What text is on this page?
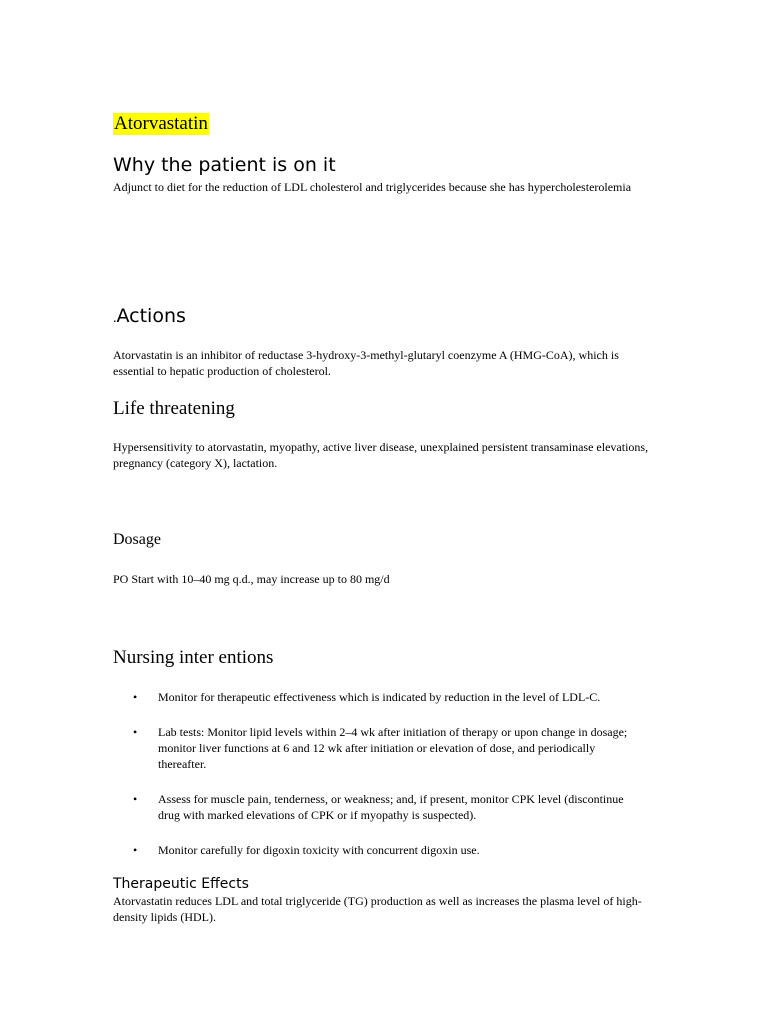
Atorvastatin
Why the patient is on it

Adjunct to diet for the reduction of LDL cholesterol and triglycerides because she has hypercholesterolemia

.Actions

Atorvastatin is an inhibitor of reductase 3-hydroxy-3-methyl-glutaryl coenzyme A (HMG-CoA), which is essential to hepatic production of cholesterol.

Life threatening

Hypersensitivity to atorvastatin, myopathy, active liver disease, unexplained persistent transaminase elevations, pregnancy (category X), lactation.

Dosage

PO Start with 10–40 mg q.d., may increase up to 80 mg/d

Nursing inter entions
• Monitor for therapeutic effectiveness which is indicated by reduction in the level of LDL-C.
• Lab tests: Monitor lipid levels within 2–4 wk after initiation of therapy or upon change in dosage; monitor liver functions at 6 and 12 wk after initiation or elevation of dose, and periodically thereafter.
• Assess for muscle pain, tenderness, or weakness; and, if present, monitor CPK level (discontinue drug with marked elevations of CPK or if myopathy is suspected).
• Monitor carefully for digoxin toxicity with concurrent digoxin use.
Therapeutic Effects

Atorvastatin reduces LDL and total triglyceride (TG) production as well as increases the plasma level of high-density lipids (HDL).
